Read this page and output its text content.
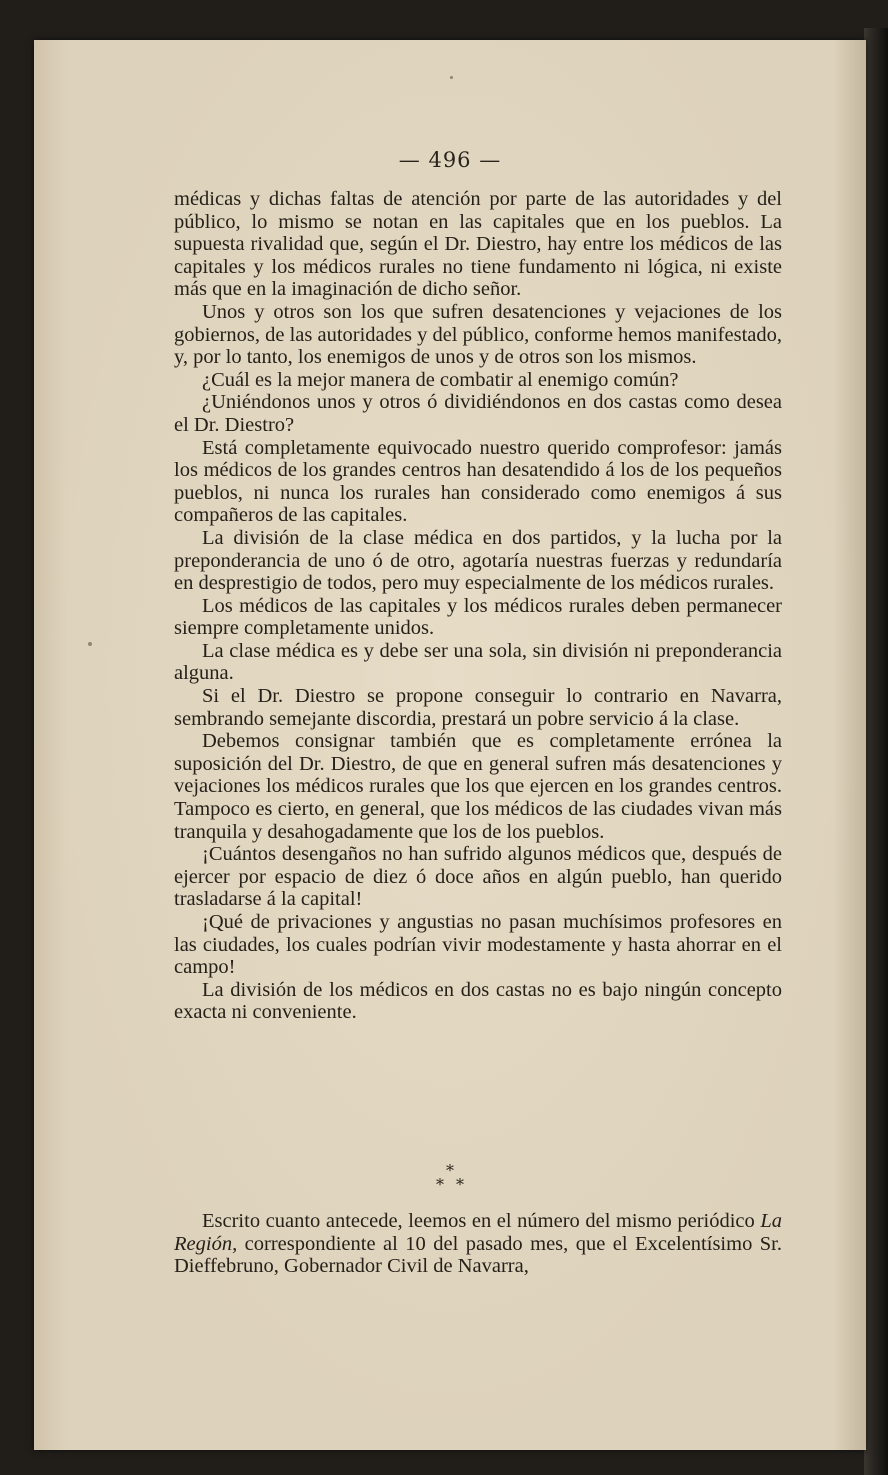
— 496 —

médicas y dichas faltas de atención por parte de las autoridades y del público, lo mismo se notan en las capitales que en los pueblos. La supuesta rivalidad que, según el Dr. Diestro, hay entre los médicos de las capitales y los médicos rurales no tiene fundamento ni lógica, ni existe más que en la imaginación de dicho señor.

Unos y otros son los que sufren desatenciones y vejaciones de los gobiernos, de las autoridades y del público, conforme hemos manifestado, y, por lo tanto, los enemigos de unos y de otros son los mismos.

¿Cuál es la mejor manera de combatir al enemigo común?

¿Uniéndonos unos y otros ó dividiéndonos en dos castas como desea el Dr. Diestro?

Está completamente equivocado nuestro querido comprofesor: jamás los médicos de los grandes centros han desatendido á los de los pequeños pueblos, ni nunca los rurales han considerado como enemigos á sus compañeros de las capitales.

La división de la clase médica en dos partidos, y la lucha por la preponderancia de uno ó de otro, agotaría nuestras fuerzas y redundaría en desprestigio de todos, pero muy especialmente de los médicos rurales.

Los médicos de las capitales y los médicos rurales deben permanecer siempre completamente unidos.

La clase médica es y debe ser una sola, sin división ni preponderancia alguna.

Si el Dr. Diestro se propone conseguir lo contrario en Navarra, sembrando semejante discordia, prestará un pobre servicio á la clase.

Debemos consignar también que es completamente errónea la suposición del Dr. Diestro, de que en general sufren más desatenciones y vejaciones los médicos rurales que los que ejercen en los grandes centros. Tampoco es cierto, en general, que los médicos de las ciudades vivan más tranquila y desahogadamente que los de los pueblos.

¡Cuántos desengaños no han sufrido algunos médicos que, después de ejercer por espacio de diez ó doce años en algún pueblo, han querido trasladarse á la capital!

¡Qué de privaciones y angustias no pasan muchísimos profesores en las ciudades, los cuales podrían vivir modestamente y hasta ahorrar en el campo!

La división de los médicos en dos castas no es bajo ningún concepto exacta ni conveniente.

*
**

Escrito cuanto antecede, leemos en el número del mismo periódico La Región, correspondiente al 10 del pasado mes, que el Excelentísimo Sr. Dieffebruno, Gobernador Civil de Navarra,
